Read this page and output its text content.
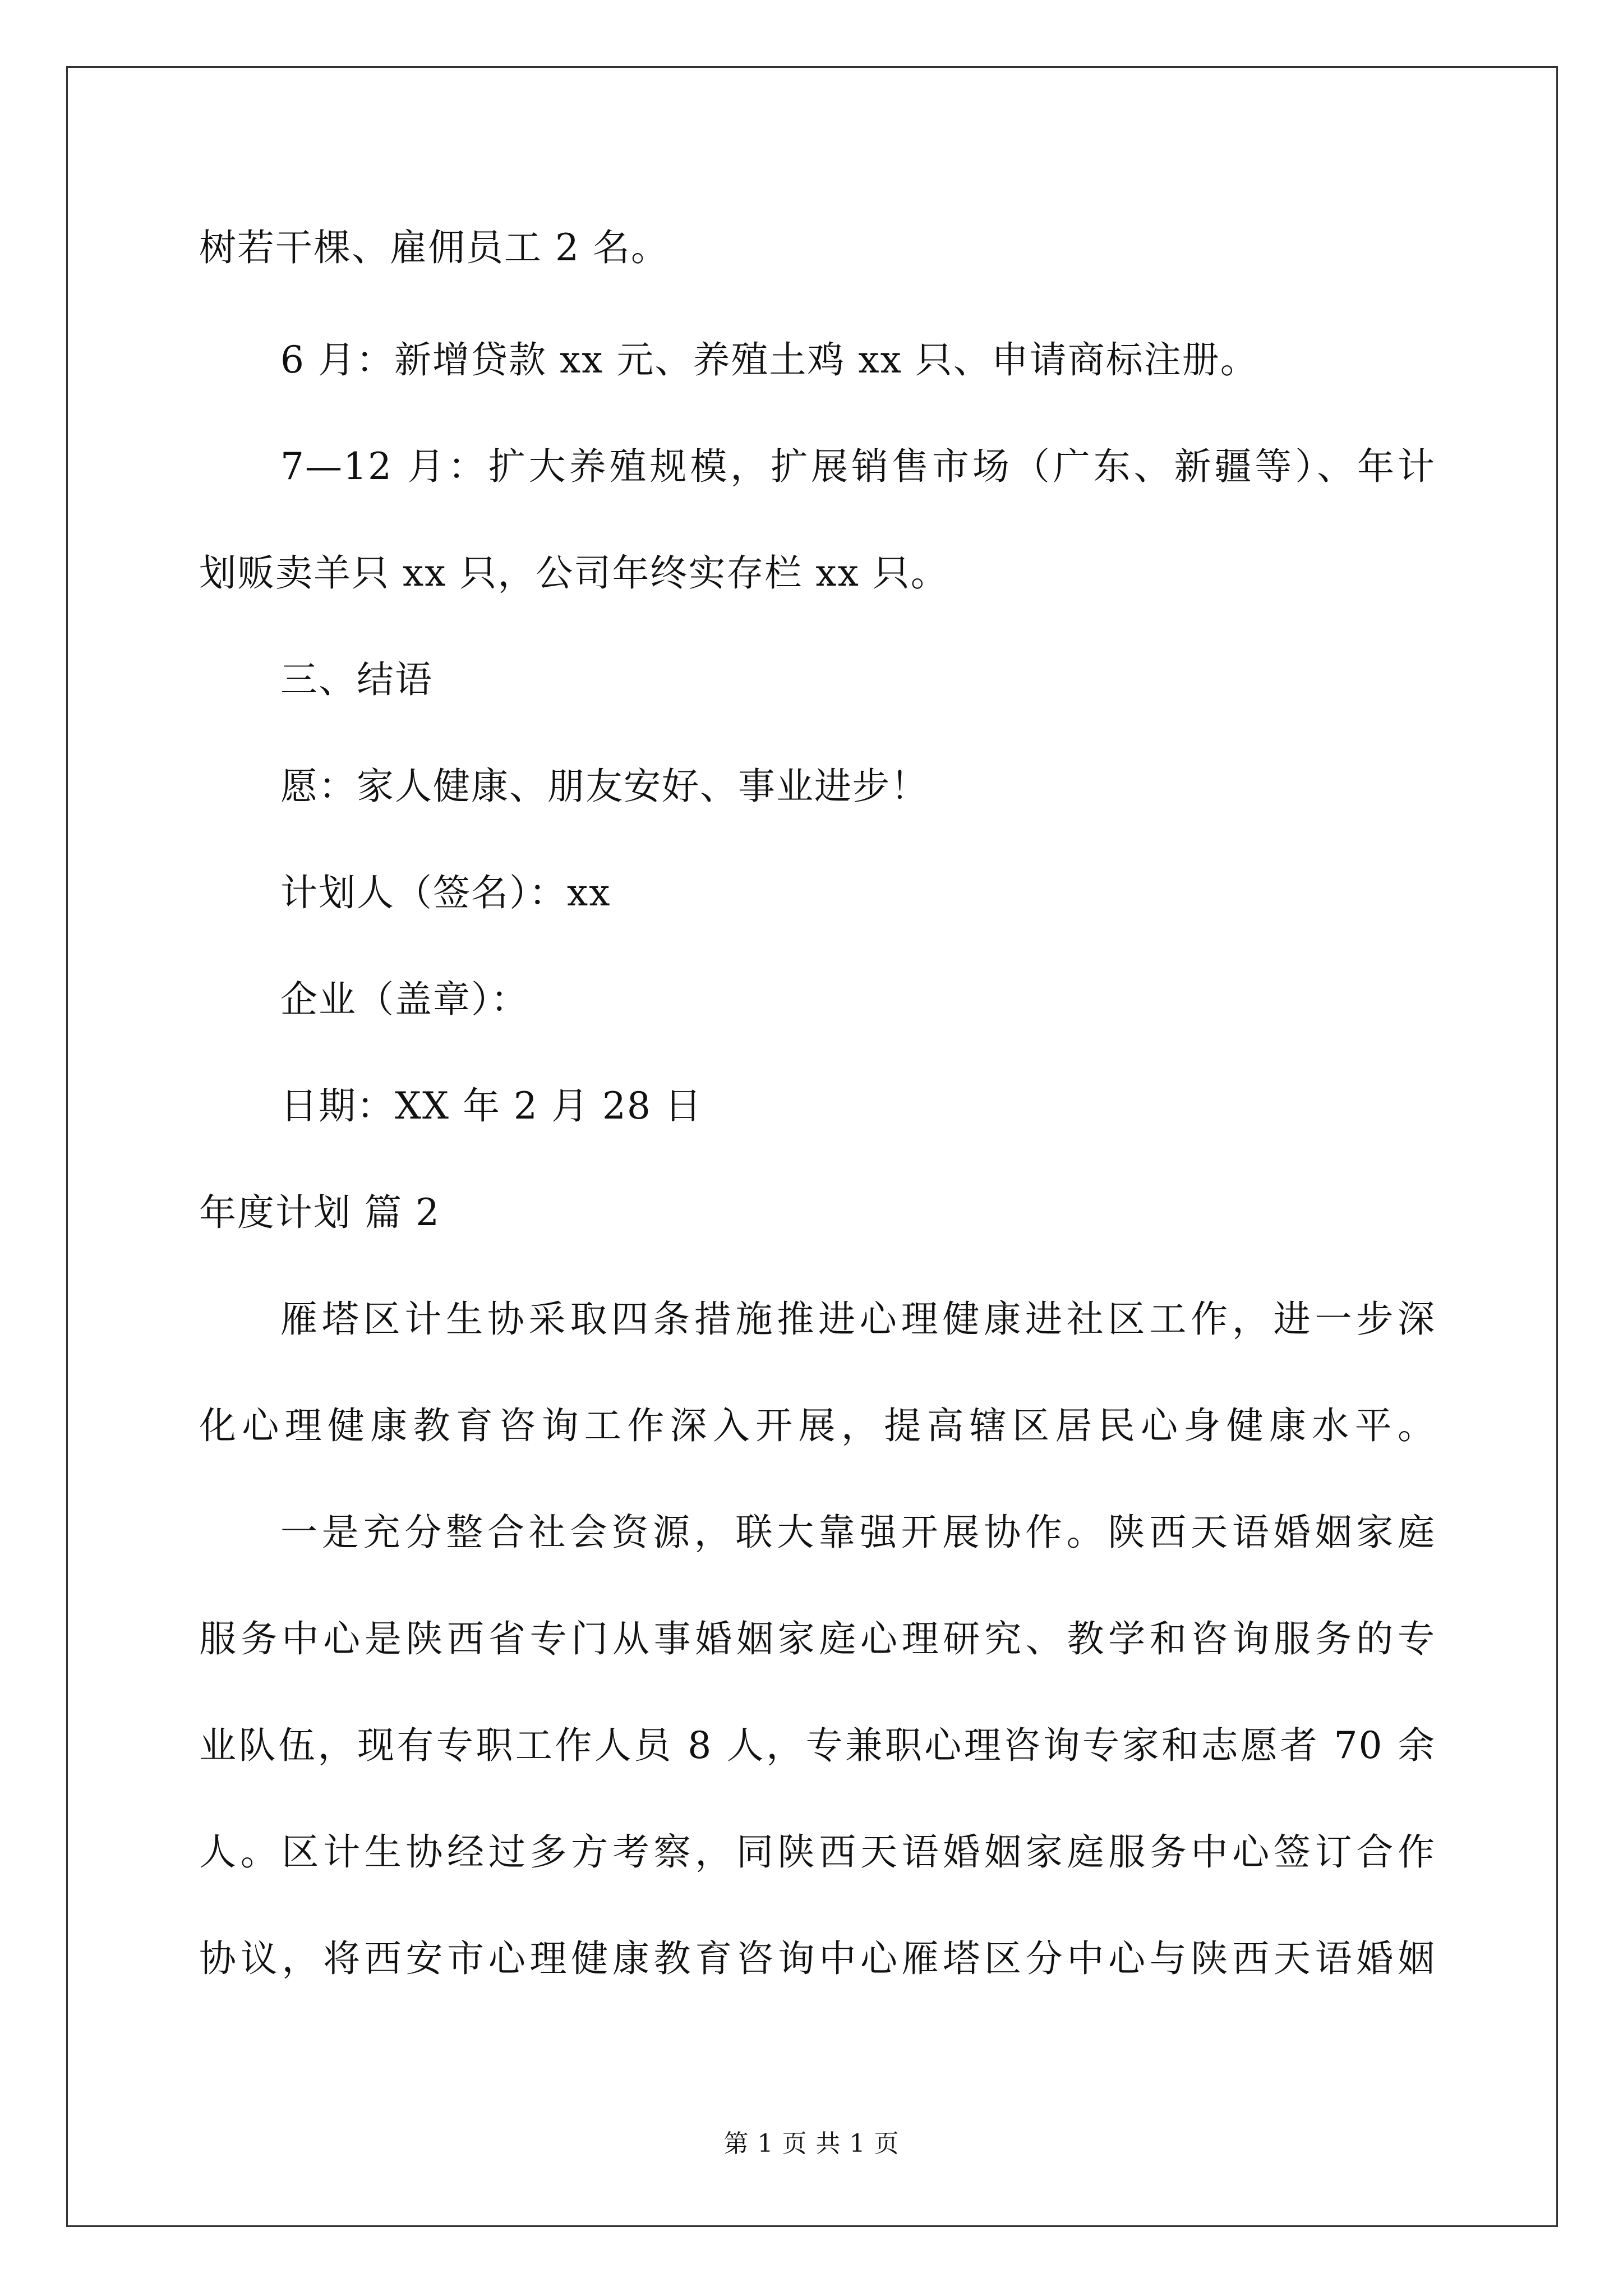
树若干棵、雇佣员工 2 名。
6 月：新增贷款 xx 元、养殖土鸡 xx 只、申请商标注册。
7—12 月：扩大养殖规模，扩展销售市场（广东、新疆等）、年计
划贩卖羊只 xx 只，公司年终实存栏 xx 只。
三、结语
愿：家人健康、朋友安好、事业进步！
计划人（签名）：xx
企业（盖章）：
日期：XX 年 2 月 28 日
年度计划 篇 2
雁塔区计生协采取四条措施推进心理健康进社区工作，进一步深
化心理健康教育咨询工作深入开展，提高辖区居民心身健康水平。
一是充分整合社会资源，联大靠强开展协作。陕西天语婚姻家庭
服务中心是陕西省专门从事婚姻家庭心理研究、教学和咨询服务的专
业队伍，现有专职工作人员 8 人，专兼职心理咨询专家和志愿者 70 余
人。区计生协经过多方考察，同陕西天语婚姻家庭服务中心签订合作
协议，将西安市心理健康教育咨询中心雁塔区分中心与陕西天语婚姻
第 1 页 共 1 页
